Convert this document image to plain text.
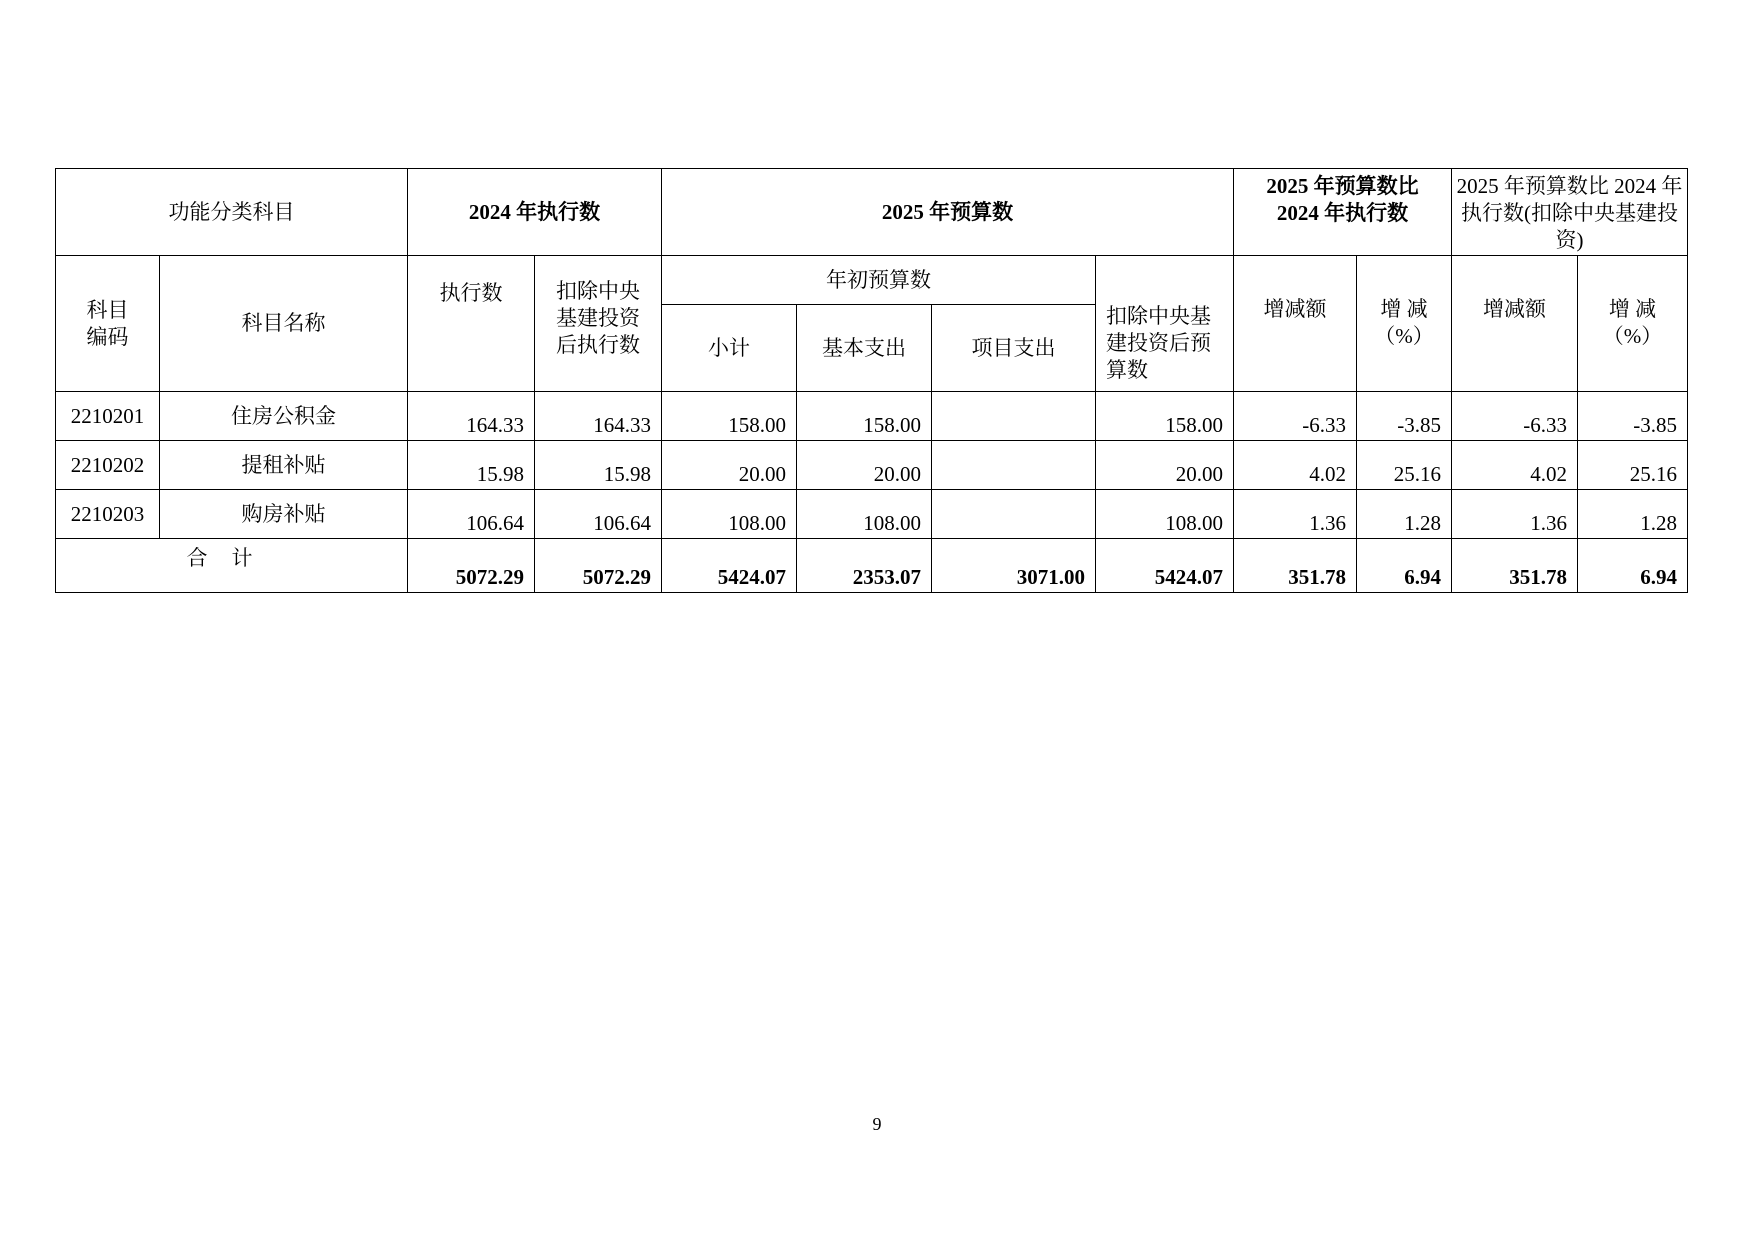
功能分类科目		2024 年执行数		2025 年预算数				2025 年预算数比 2024 年执行数		2025 年预算数比 2024 年执行数(扣除中央基建投资)	
科目编码	科目名称	执行数	扣除中央基建投资后执行数	年初预算数			扣除中央基建投资后预算数	增减额	增 减（%）	增减额	增 减（%）
				小计	基本支出	项目支出					
2210201	住房公积金	164.33	164.33	158.00	158.00		158.00	-6.33	-3.85	-6.33	-3.85
2210202	提租补贴	15.98	15.98	20.00	20.00		20.00	4.02	25.16	4.02	25.16
2210203	购房补贴	106.64	106.64	108.00	108.00		108.00	1.36	1.28	1.36	1.28
合计		5072.29	5072.29	5424.07	2353.07	3071.00	5424.07	351.78	6.94	351.78	6.94
9
